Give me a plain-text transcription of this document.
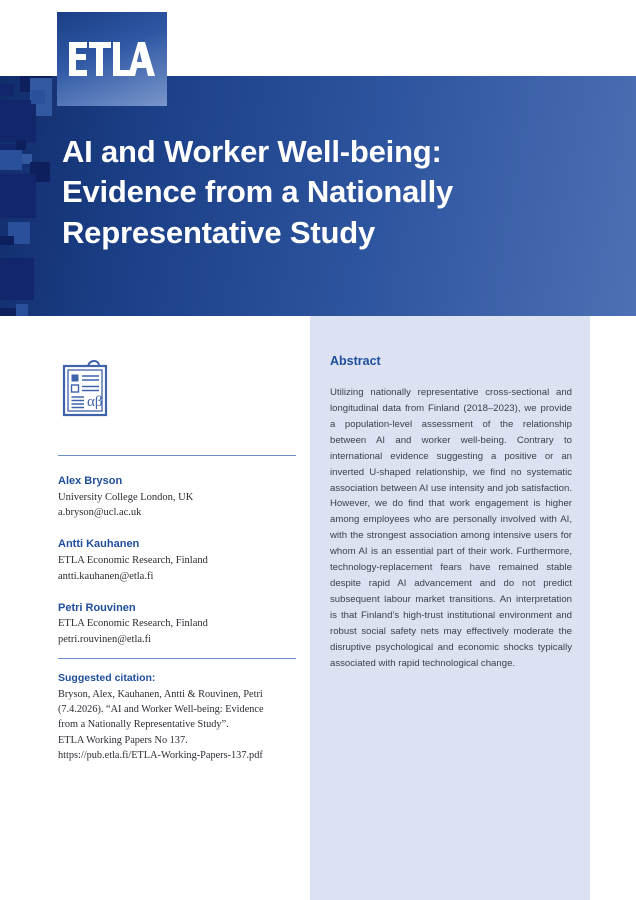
AI and Worker Well-being:
Evidence from a Nationally
Representative Study
Abstract
Utilizing nationally representative cross-sectional and longitudinal data from Finland (2018–2023), we provide a population-level assessment of the relationship between AI and worker well-being. Contrary to international evidence suggesting a positive or an inverted U-shaped relationship, we find no systematic association between AI use intensity and job satisfaction. However, we do find that work engagement is higher among employees who are personally involved with AI, with the strongest association among intensive users for whom AI is an essential part of their work. Furthermore, technology-replacement fears have remained stable despite rapid AI advancement and do not predict subsequent labour market transitions. An interpretation is that Finland’s high-trust institutional environment and robust social safety nets may effectively moderate the disruptive psychological and economic shocks typically associated with rapid technological change.
αβ
Alex Bryson
University College London, UK
a.bryson@ucl.ac.uk
Antti Kauhanen
ETLA Economic Research, Finland
antti.kauhanen@etla.fi
Petri Rouvinen
ETLA Economic Research, Finland
petri.rouvinen@etla.fi
Suggested citation:
Bryson, Alex, Kauhanen, Antti & Rouvinen, Petri
(7.4.2026). “AI and Worker Well-being: Evidence
from a Nationally Representative Study”.
ETLA Working Papers No 137.
https://pub.etla.fi/ETLA-Working-Papers-137.pdf
